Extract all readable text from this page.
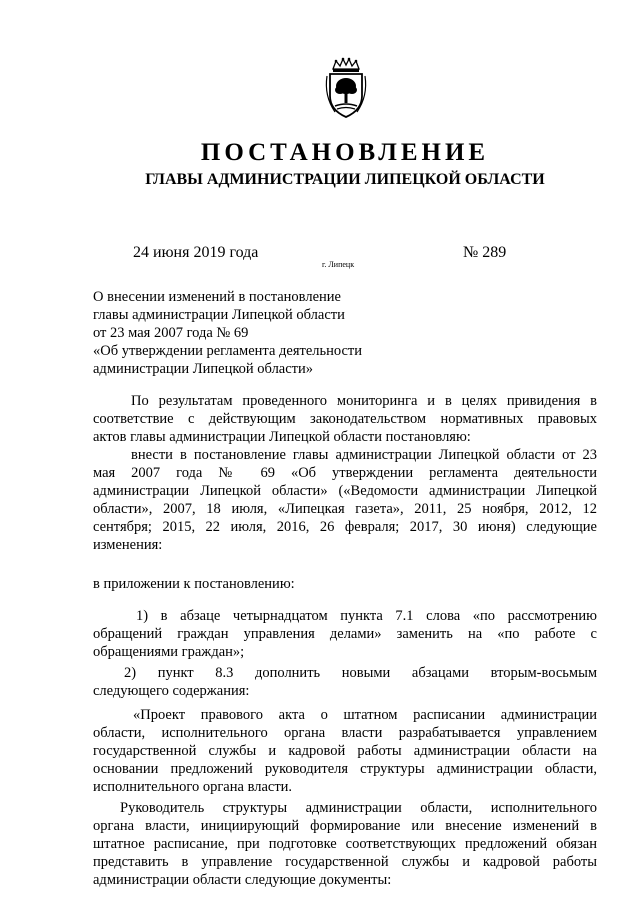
ПОСТАНОВЛЕНИЕ
ГЛАВЫ АДМИНИСТРАЦИИ ЛИПЕЦКОЙ ОБЛАСТИ
24 июня 2019 года
г. Липецк
№ 289
О внесении изменений в постановление
главы администрации Липецкой области
от 23 мая 2007 года № 69
«Об утверждении регламента деятельности
администрации Липецкой области»
По результатам проведенного мониторинга и в целях привидения в
соответствие с действующим законодательством нормативных правовых
актов главы администрации Липецкой области постановляю:
внести в постановление главы администрации Липецкой области от 23
мая 2007 года № 69 «Об утверждении регламента деятельности
администрации Липецкой области» («Ведомости администрации Липецкой
области», 2007, 18 июля, «Липецкая газета», 2011, 25 ноября, 2012, 12
сентября; 2015, 22 июля, 2016, 26 февраля; 2017, 30 июня) следующие
изменения:
в приложении к постановлению:
1) в абзаце четырнадцатом пункта 7.1 слова «по рассмотрению
обращений граждан управления делами» заменить на «по работе с
обращениями граждан»;
2) пункт 8.3 дополнить новыми абзацами вторым-восьмым
следующего содержания:
«Проект правового акта о штатном расписании администрации
области, исполнительного органа власти разрабатывается управлением
государственной службы и кадровой работы администрации области на
основании предложений руководителя структуры администрации области,
исполнительного органа власти.
Руководитель структуры администрации области, исполнительного
органа власти, инициирующий формирование или внесение изменений в
штатное расписание, при подготовке соответствующих предложений обязан
представить в управление государственной службы и кадровой работы
администрации области следующие документы:
